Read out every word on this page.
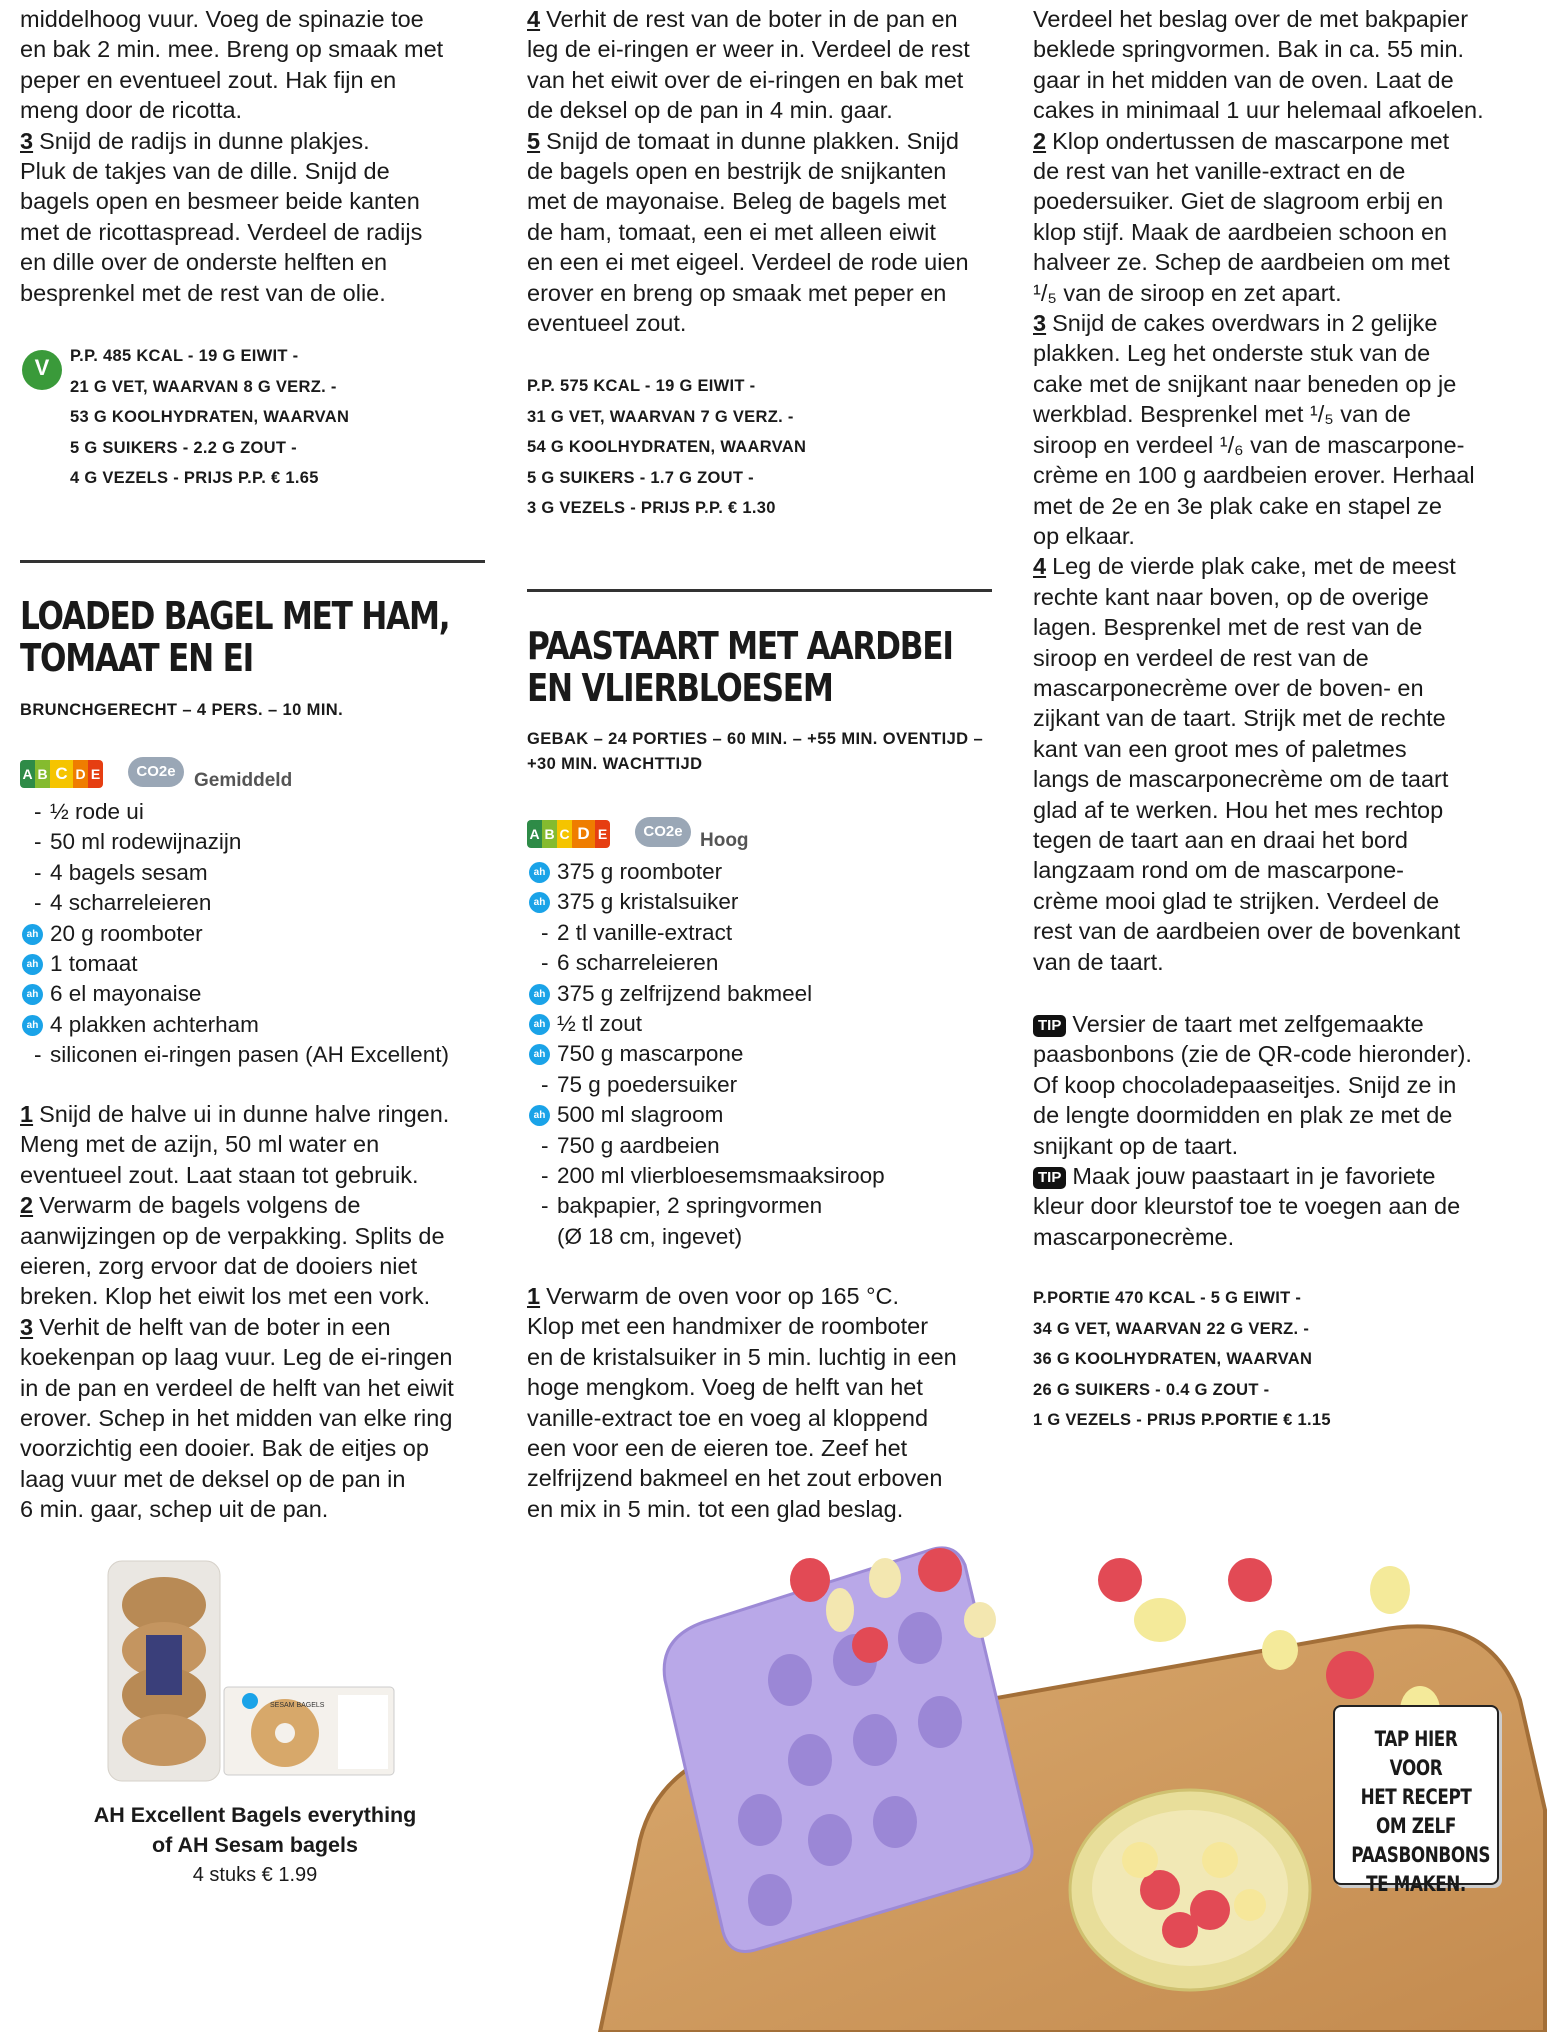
middelhoog vuur. Voeg de spinazie toe
en bak 2 min. mee. Breng op smaak met
peper en eventueel zout. Hak fijn en
meng door de ricotta.

3 Snijd de radijs in dunne plakjes.
Pluk de takjes van de dille. Snijd de
bagels open en besmeer beide kanten
met de ricottaspread. Verdeel de radijs
en dille over de onderste helften en
besprenkel met de rest van de olie.

V	P.P. 485 KCAL - 19 G EIWIT -
21 G VET, WAARVAN 8 G VERZ. -
53 G KOOLHYDRATEN, WAARVAN
5 G SUIKERS - 2.2 G ZOUT -
4 G VEZELS - PRIJS P.P. € 1.65

LOADED BAGEL MET HAM,
TOMAAT EN EI

BRUNCHGERECHT – 4 PERS. – 10 MIN.

A B C D E	CO2e Gemiddeld
- ½ rode ui
- 50 ml rodewijnazijn
- 4 bagels sesam
- 4 scharreleieren
ah 20 g roomboter
ah 1 tomaat
ah 6 el mayonaise
ah 4 plakken achterham
- siliconen ei-ringen pasen (AH Excellent)

1 Snijd de halve ui in dunne halve ringen.
Meng met de azijn, 50 ml water en
eventueel zout. Laat staan tot gebruik.

2 Verwarm de bagels volgens de
aanwijzingen op de verpakking. Splits de
eieren, zorg ervoor dat de dooiers niet
breken. Klop het eiwit los met een vork.

3 Verhit de helft van de boter in een
koekenpan op laag vuur. Leg de ei-ringen
in de pan en verdeel de helft van het eiwit
erover. Schep in het midden van elke ring
voorzichtig een dooier. Bak de eitjes op
laag vuur met de deksel op de pan in
6 min. gaar, schep uit de pan.

SESAM BAGELS
AH Excellent Bagels everything
of AH Sesam bagels
4 stuks € 1.99

4 Verhit de rest van de boter in de pan en
leg de ei-ringen er weer in. Verdeel de rest
van het eiwit over de ei-ringen en bak met
de deksel op de pan in 4 min. gaar.

5 Snijd de tomaat in dunne plakken. Snijd
de bagels open en bestrijk de snijkanten
met de mayonaise. Beleg de bagels met
de ham, tomaat, een ei met alleen eiwit
en een ei met eigeel. Verdeel de rode uien
erover en breng op smaak met peper en
eventueel zout.

P.P. 575 KCAL - 19 G EIWIT -
31 G VET, WAARVAN 7 G VERZ. -
54 G KOOLHYDRATEN, WAARVAN
5 G SUIKERS - 1.7 G ZOUT -
3 G VEZELS - PRIJS P.P. € 1.30

PAASTAART MET AARDBEI
EN VLIERBLOESEM

GEBAK – 24 PORTIES – 60 MIN. – +55 MIN. OVENTIJD –
+30 MIN. WACHTTIJD

A B C D E	CO2e Hoog
ah 375 g roomboter
ah 375 g kristalsuiker
- 2 tl vanille-extract
- 6 scharreleieren
ah 375 g zelfrijzend bakmeel
ah ½ tl zout
ah 750 g mascarpone
- 75 g poedersuiker
ah 500 ml slagroom
- 750 g aardbeien
- 200 ml vlierbloesemsmaaksiroop
- bakpapier, 2 springvormen
(Ø 18 cm, ingevet)

1 Verwarm de oven voor op 165 °C.
Klop met een handmixer de roomboter
en de kristalsuiker in 5 min. luchtig in een
hoge mengkom. Voeg de helft van het
vanille-extract toe en voeg al kloppend
een voor een de eieren toe. Zeef het
zelfrijzend bakmeel en het zout erboven
en mix in 5 min. tot een glad beslag.

Verdeel het beslag over de met bakpapier
beklede springvormen. Bak in ca. 55 min.
gaar in het midden van de oven. Laat de
cakes in minimaal 1 uur helemaal afkoelen.

2 Klop ondertussen de mascarpone met
de rest van het vanille-extract en de
poedersuiker. Giet de slagroom erbij en
klop stijf. Maak de aardbeien schoon en
halveer ze. Schep de aardbeien om met
¹/₅ van de siroop en zet apart.

3 Snijd de cakes overdwars in 2 gelijke
plakken. Leg het onderste stuk van de
cake met de snijkant naar beneden op je
werkblad. Besprenkel met ¹/₅ van de
siroop en verdeel ¹/₆ van de mascarpone-
crème en 100 g aardbeien erover. Herhaal
met de 2e en 3e plak cake en stapel ze
op elkaar.

4 Leg de vierde plak cake, met de meest
rechte kant naar boven, op de overige
lagen. Besprenkel met de rest van de
siroop en verdeel de rest van de
mascarponecrème over de boven- en
zijkant van de taart. Strijk met de rechte
kant van een groot mes of paletmes
langs de mascarponecrème om de taart
glad af te werken. Hou het mes rechtop
tegen de taart aan en draai het bord
langzaam rond om de mascarpone-
crème mooi glad te strijken. Verdeel de
rest van de aardbeien over de bovenkant
van de taart.

TIP Versier de taart met zelfgemaakte
paasbonbons (zie de QR-code hieronder).
Of koop chocoladepaaseitjes. Snijd ze in
de lengte doormidden en plak ze met de
snijkant op de taart.

TIP Maak jouw paastaart in je favoriete
kleur door kleurstof toe te voegen aan de
mascarponecrème.

P.PORTIE 470 KCAL - 5 G EIWIT -
34 G VET, WAARVAN 22 G VERZ. -
36 G KOOLHYDRATEN, WAARVAN
26 G SUIKERS - 0.4 G ZOUT -
1 G VEZELS - PRIJS P.PORTIE € 1.15

TAP HIER VOOR
HET RECEPT
OM ZELF
PAASBONBONS
TE MAKEN.
